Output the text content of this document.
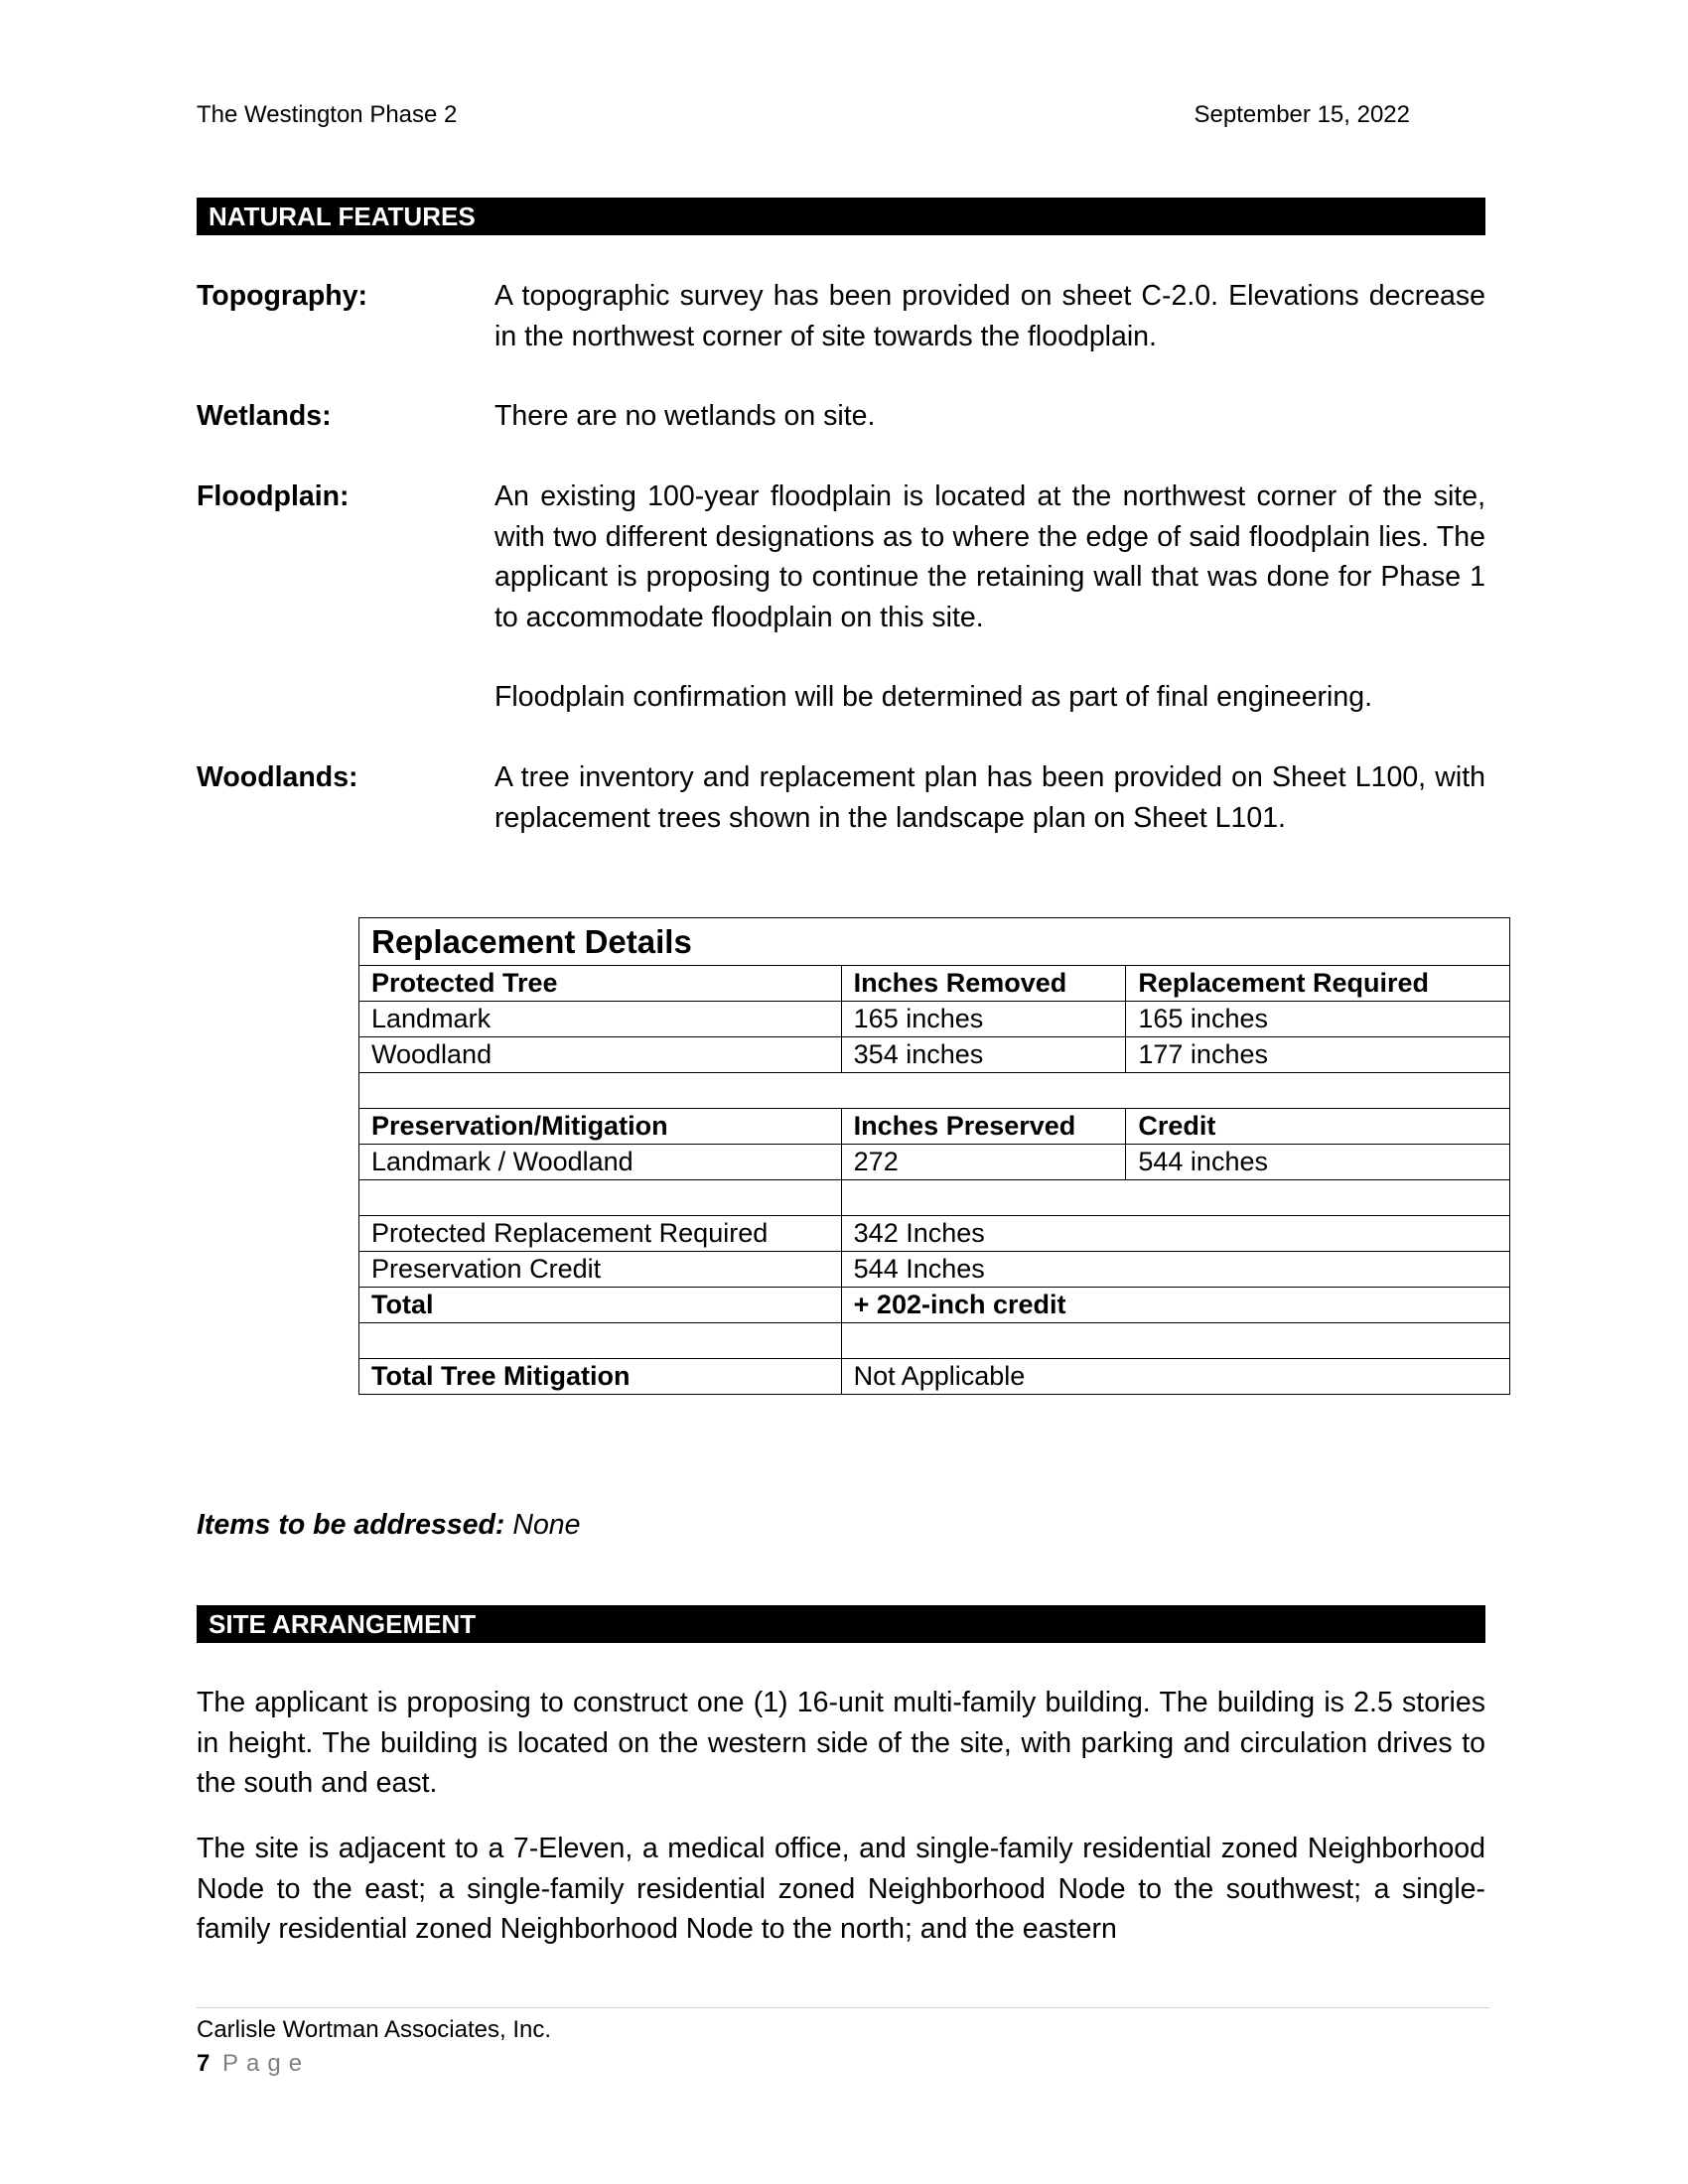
The Westington Phase 2	September 15, 2022
NATURAL FEATURES
Topography:	A topographic survey has been provided on sheet C-2.0. Elevations decrease in the northwest corner of site towards the floodplain.

Wetlands:	There are no wetlands on site.

Floodplain:	An existing 100-year floodplain is located at the northwest corner of the site, with two different designations as to where the edge of said floodplain lies. The applicant is proposing to continue the retaining wall that was done for Phase 1 to accommodate floodplain on this site.

Floodplain confirmation will be determined as part of final engineering.

Woodlands:	A tree inventory and replacement plan has been provided on Sheet L100, with replacement trees shown in the landscape plan on Sheet L101.

Replacement Details		
Protected Tree	Inches Removed	Replacement Required
Landmark	165 inches	165 inches
Woodland	354 inches	177 inches

Preservation/Mitigation	Inches Preserved	Credit
Landmark / Woodland	272	544 inches

Protected Replacement Required	342 Inches	
Preservation Credit	544 Inches	
Total	+ 202-inch credit	

Total Tree Mitigation	Not Applicable	
Items to be addressed: None
SITE ARRANGEMENT

The applicant is proposing to construct one (1) 16-unit multi-family building. The building is 2.5 stories in height. The building is located on the western side of the site, with parking and circulation drives to the south and east.

The site is adjacent to a 7-Eleven, a medical office, and single-family residential zoned Neighborhood Node to the east; a single-family residential zoned Neighborhood Node to the southwest; a single-family residential zoned Neighborhood Node to the north; and the eastern

Carlisle Wortman Associates, Inc.
7 Page
